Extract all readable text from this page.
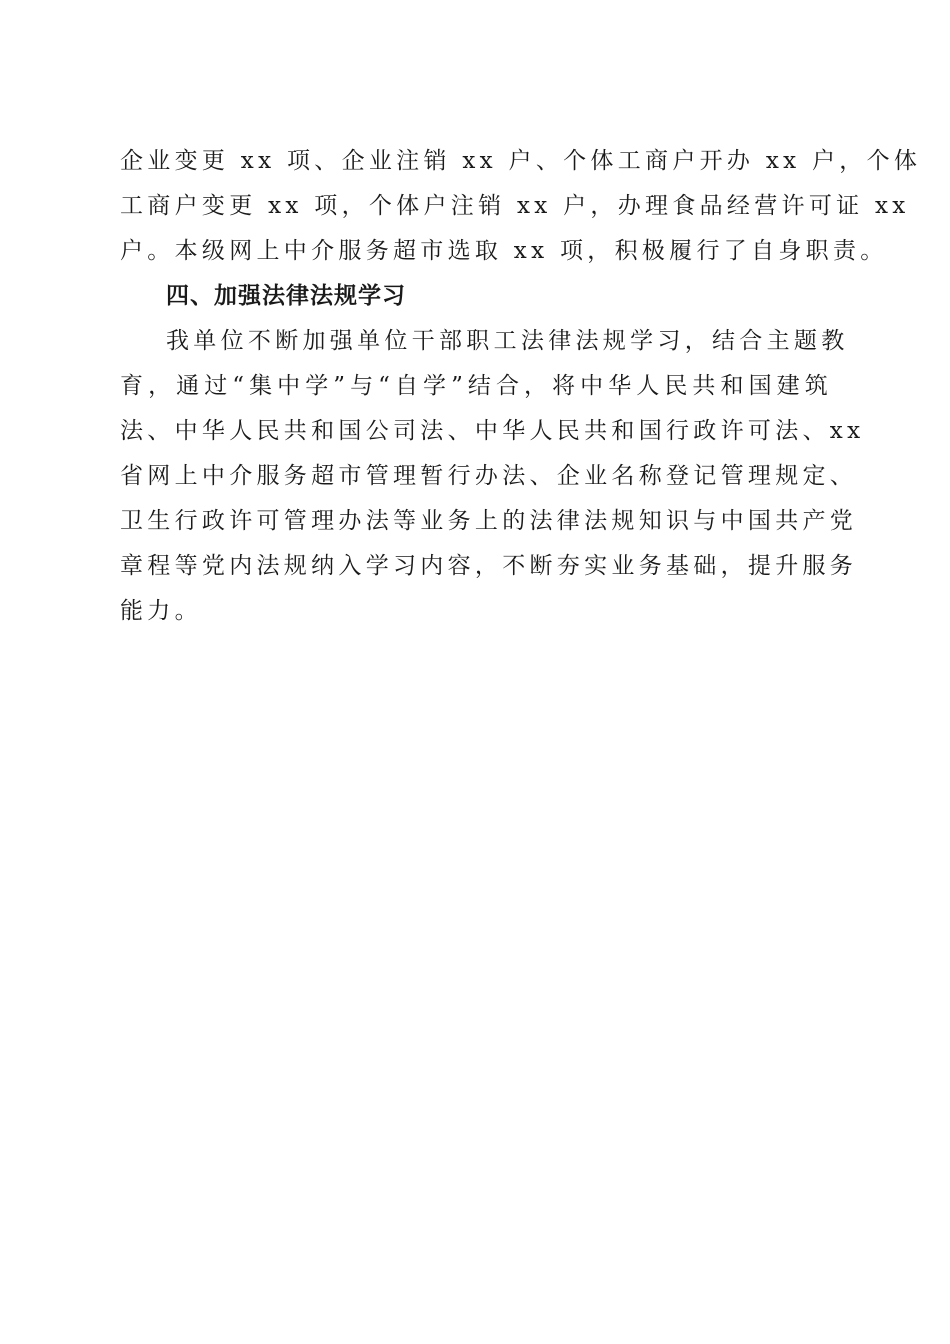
企业变更 xx 项、企业注销 xx 户、个体工商户开办 xx 户，个体
工商户变更 xx 项，个体户注销 xx 户，办理食品经营许可证 xx
户。本级网上中介服务超市选取 xx 项，积极履行了自身职责。
四、加强法律法规学习
我单位不断加强单位干部职工法律法规学习，结合主题教
育，通过“集中学”与“自学”结合，将中华人民共和国建筑
法、中华人民共和国公司法、中华人民共和国行政许可法、xx
省网上中介服务超市管理暂行办法、企业名称登记管理规定、
卫生行政许可管理办法等业务上的法律法规知识与中国共产党
章程等党内法规纳入学习内容，不断夯实业务基础，提升服务
能力。
